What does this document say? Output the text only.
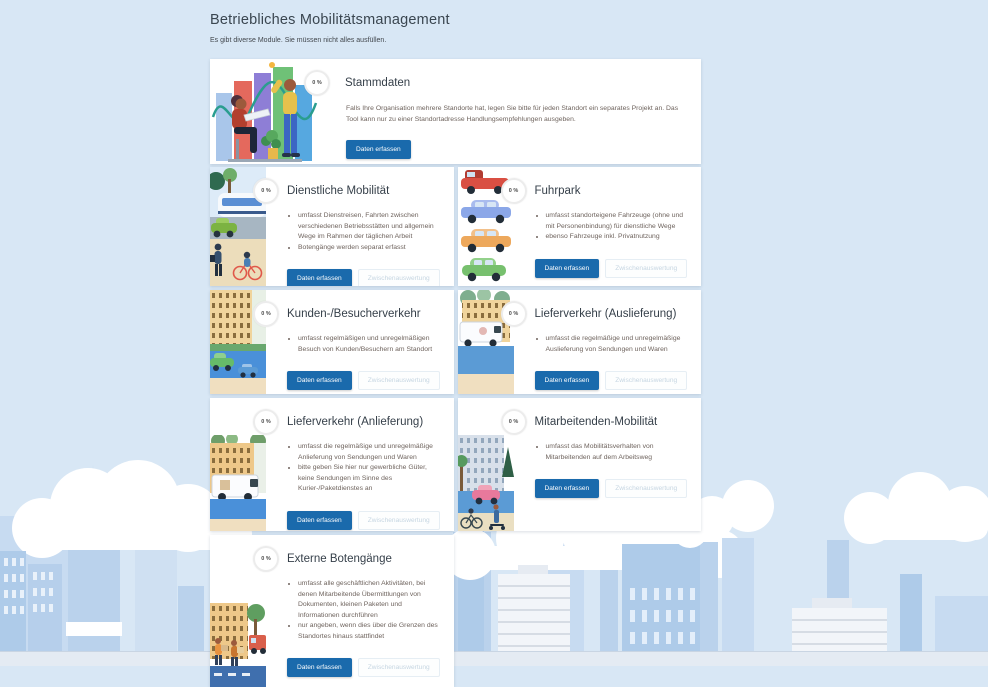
Betriebliches Mobilitätsmanagement

Es gibt diverse Module. Sie müssen nicht alles ausfüllen.

0 %	Stammdaten

Falls Ihre Organisation mehrere Standorte hat, legen Sie bitte für jeden Standort ein separates Projekt an. Das Tool kann nur zu einer Standortadresse Handlungsempfehlungen ausgeben.

Daten erfassen
0 %	Dienstliche Mobilität
• umfasst Dienstreisen, Fahrten zwischen verschiedenen Betriebsstätten und allgemein Wege im Rahmen der täglichen Arbeit
• Botengänge werden separat erfasst
Daten erfassen	Zwischenauswertung
0 %	Fuhrpark
• umfasst standorteigene Fahrzeuge (ohne und mit Personenbindung) für dienstliche Wege
• ebenso Fahrzeuge inkl. Privatnutzung
Daten erfassen	Zwischenauswertung
0 %	Kunden-/Besucherverkehr
• umfasst regelmäßigen und unregelmäßigen Besuch von Kunden/Besuchern am Standort
Daten erfassen	Zwischenauswertung
0 %	Lieferverkehr (Auslieferung)
• umfasst die regelmäßige und unregelmäßige Auslieferung von Sendungen und Waren
Daten erfassen	Zwischenauswertung
0 %	Lieferverkehr (Anlieferung)
• umfasst die regelmäßige und unregelmäßige Anlieferung von Sendungen und Waren
• bitte geben Sie hier nur gewerbliche Güter, keine Sendungen im Sinne des Kurier-/Paketdienstes an
Daten erfassen	Zwischenauswertung
0 %	Mitarbeitenden-Mobilität
• umfasst das Mobilitätsverhalten von Mitarbeitenden auf dem Arbeitsweg
Daten erfassen	Zwischenauswertung
0 %	Externe Botengänge
• umfasst alle geschäftlichen Aktivitäten, bei denen Mitarbeitende Übermittlungen von Dokumenten, kleinen Paketen und Informationen durchführen
• nur angeben, wenn dies über die Grenzen des Standortes hinaus stattfindet
Daten erfassen	Zwischenauswertung
